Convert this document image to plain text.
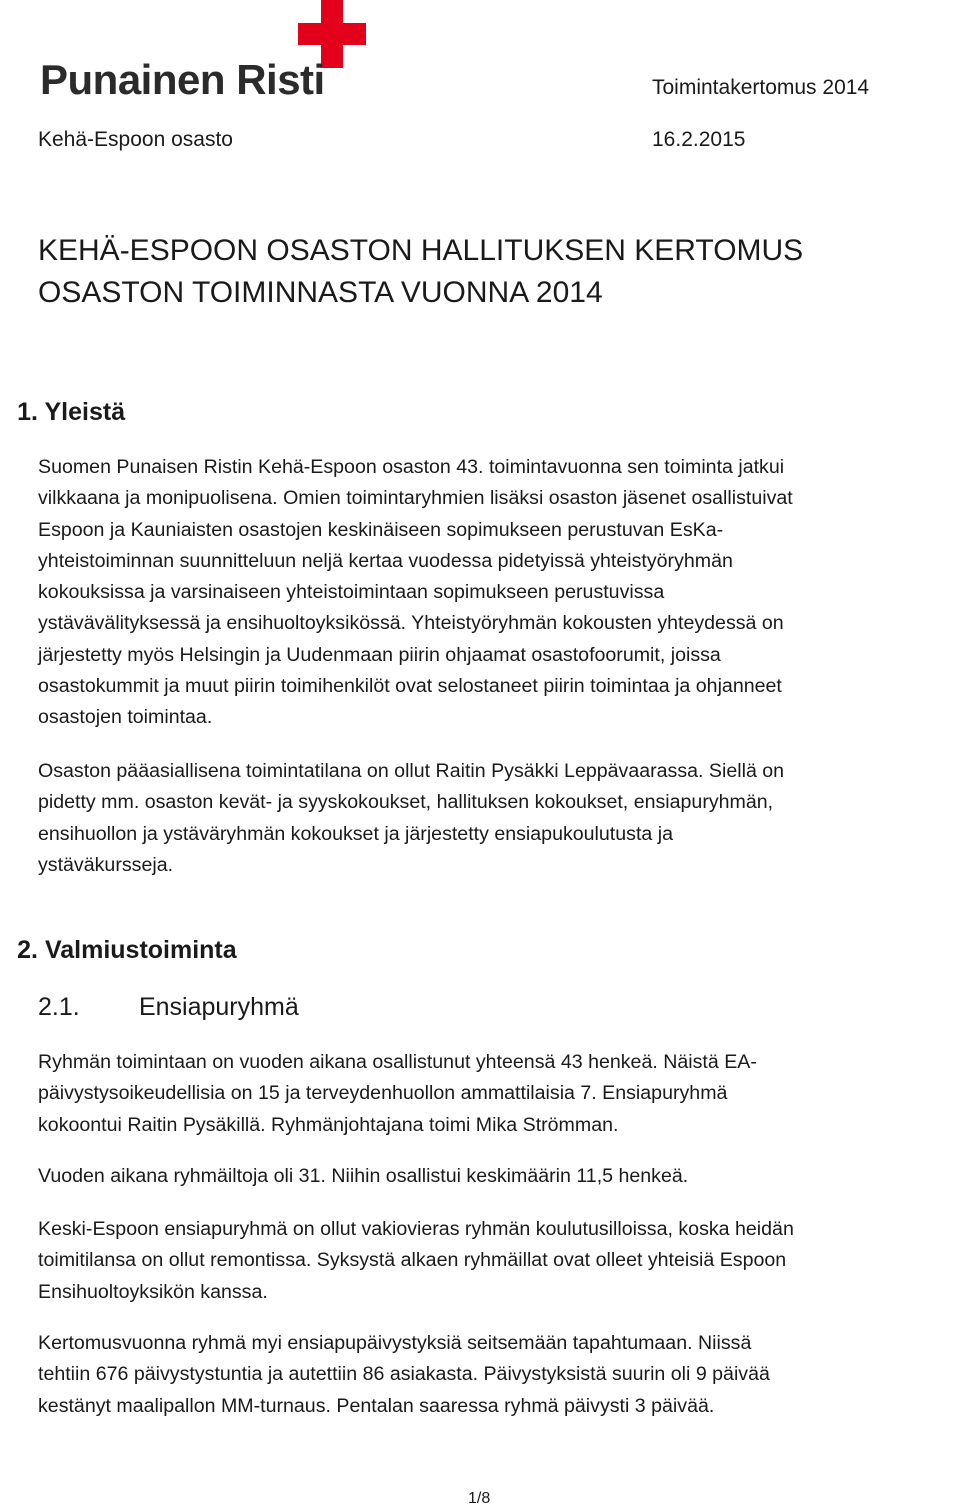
Punainen Risti	Toimintakertomus 2014
Kehä-Espoon osasto	16.2.2015
KEHÄ-ESPOON OSASTON HALLITUKSEN KERTOMUS
OSASTON TOIMINNASTA VUONNA 2014
1. Yleistä
Suomen Punaisen Ristin Kehä-Espoon osaston 43. toimintavuonna sen toiminta jatkui
vilkkaana ja monipuolisena. Omien toimintaryhmien lisäksi osaston jäsenet osallistuivat
Espoon ja Kauniaisten osastojen keskinäiseen sopimukseen perustuvan EsKa-
yhteistoiminnan suunnitteluun neljä kertaa vuodessa pidetyissä yhteistyöryhmän
kokouksissa ja varsinaiseen yhteistoimintaan sopimukseen perustuvissa
ystävävälityksessä ja ensihuoltoyksikössä. Yhteistyöryhmän kokousten yhteydessä on
järjestetty myös Helsingin ja Uudenmaan piirin ohjaamat osastofoorumit, joissa
osastokummit ja muut piirin toimihenkilöt ovat selostaneet piirin toimintaa ja ohjanneet
osastojen toimintaa.
Osaston pääasiallisena toimintatilana on ollut Raitin Pysäkki Leppävaarassa. Siellä on
pidetty mm. osaston kevät- ja syyskokoukset, hallituksen kokoukset, ensiapuryhmän,
ensihuollon ja ystäväryhmän kokoukset ja järjestetty ensiapukoulutusta ja
ystäväkursseja.
2. Valmiustoiminta
2.1. Ensiapuryhmä
Ryhmän toimintaan on vuoden aikana osallistunut yhteensä 43 henkeä. Näistä EA-
päivystysoikeudellisia on 15 ja terveydenhuollon ammattilaisia 7. Ensiapuryhmä
kokoontui Raitin Pysäkillä. Ryhmänjohtajana toimi Mika Strömman.
Vuoden aikana ryhmäiltoja oli 31. Niihin osallistui keskimäärin 11,5 henkeä.
Keski-Espoon ensiapuryhmä on ollut vakiovieras ryhmän koulutusilloissa, koska heidän
toimitilansa on ollut remontissa. Syksystä alkaen ryhmäillat ovat olleet yhteisiä Espoon
Ensihuoltoyksikön kanssa.
Kertomusvuonna ryhmä myi ensiapupäivystyksiä seitsemään tapahtumaan. Niissä
tehtiin 676 päivystystuntia ja autettiin 86 asiakasta. Päivystyksistä suurin oli 9 päivää
kestänyt maalipallon MM-turnaus. Pentalan saaressa ryhmä päivysti 3 päivää.
1/8
